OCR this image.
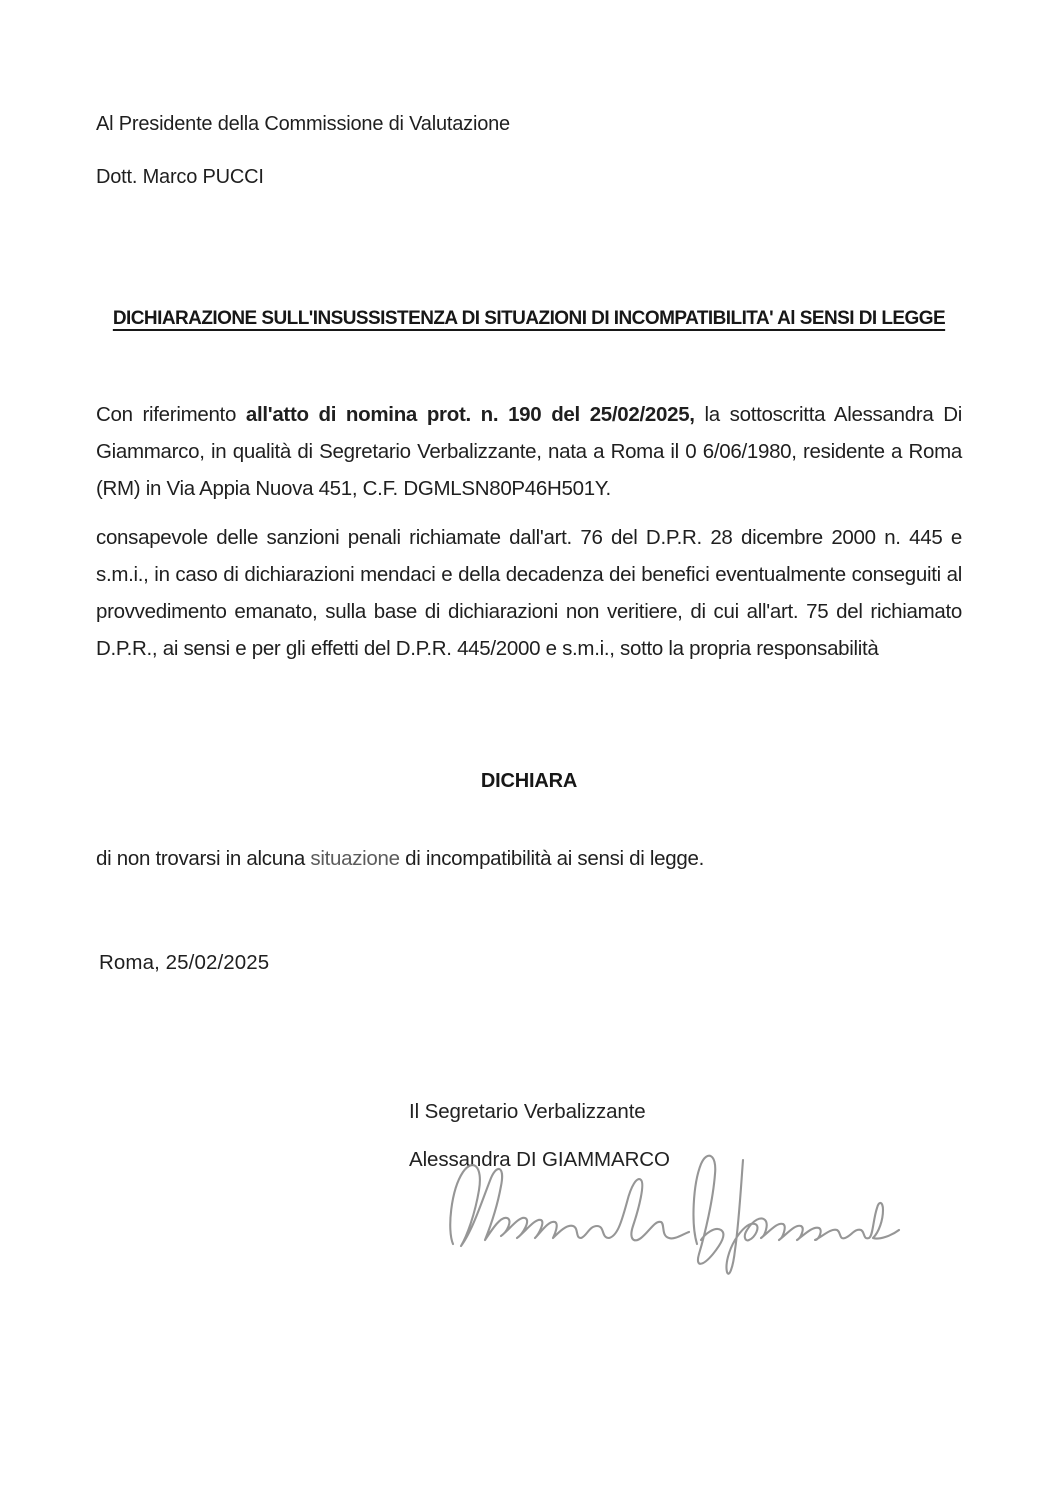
Al Presidente della Commissione di Valutazione
Dott. Marco PUCCI
DICHIARAZIONE SULL'INSUSSISTENZA DI SITUAZIONI DI INCOMPATIBILITA' Al SENSI DI LEGGE

Con riferimento all'atto di nomina prot. n. 190 del 25/02/2025, la sottoscritta Alessandra Di Giammarco, in qualità di Segretario Verbalizzante, nata a Roma il 0 6/06/1980, residente a Roma (RM) in Via Appia Nuova 451, C.F. DGMLSN80P46H501Y.

consapevole delle sanzioni penali richiamate dall'art. 76 del D.P.R. 28 dicembre 2000 n. 445 e s.m.i., in caso di dichiarazioni mendaci e della decadenza dei benefici eventualmente conseguiti al provvedimento emanato, sulla base di dichiarazioni non veritiere, di cui all'art. 75 del richiamato D.P.R., ai sensi e per gli effetti del D.P.R. 445/2000 e s.m.i., sotto la propria responsabilità

DICHIARA

di non trovarsi in alcuna situazione di incompatibilità ai sensi di legge.

Roma, 25/02/2025
Il Segretario Verbalizzante
Alessandra DI GIAMMARCO
